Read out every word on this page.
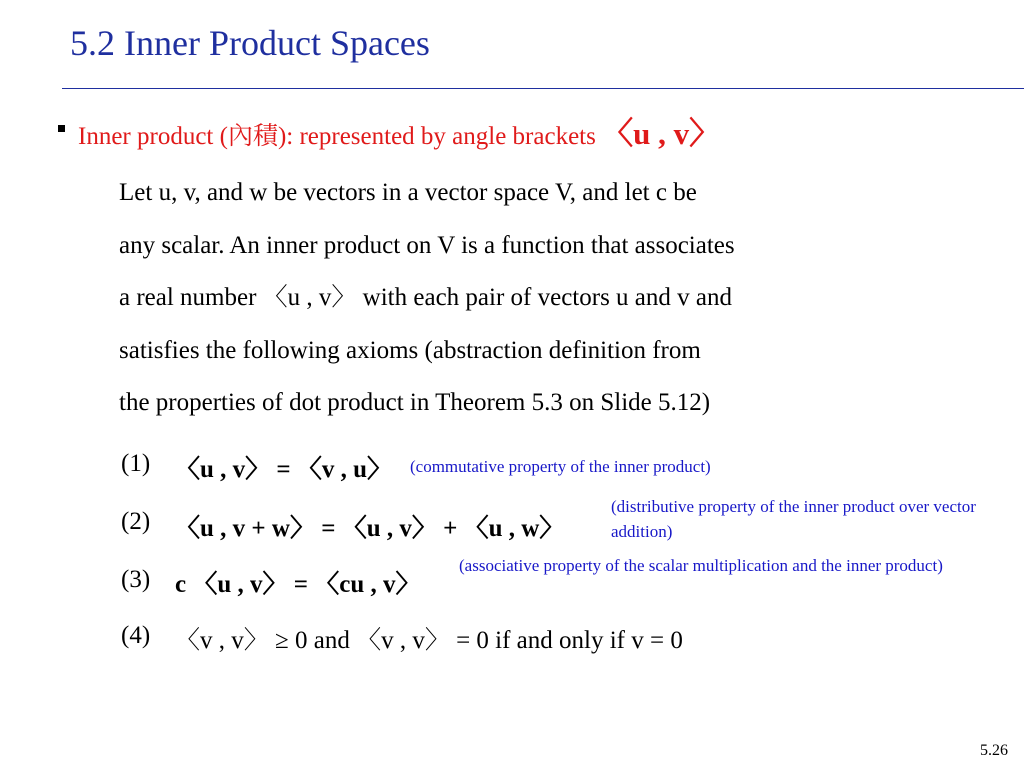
5.2 Inner Product Spaces
Inner product (內積): represented by angle brackets 〈u , v〉
Let u, v, and w be vectors in a vector space V, and let c be
any scalar. An inner product on V is a function that associates
a real number 〈u , v〉 with each pair of vectors u and v and
satisfies the following axioms (abstraction definition from
the properties of dot product in Theorem 5.3 on Slide 5.12)
(1) 〈u , v〉 = 〈v , u〉 (commutative property of the inner product)
(2) 〈u , v + w〉 = 〈u , v〉 + 〈u , w〉
(distributive property of the inner product over vector addition)
(3) c 〈u , v〉 = 〈cu , v〉
(associative property of the scalar multiplication and the inner product)
(4) 〈v , v〉 ≥ 0 and 〈v , v〉 = 0 if and only if v = 0
5.26
